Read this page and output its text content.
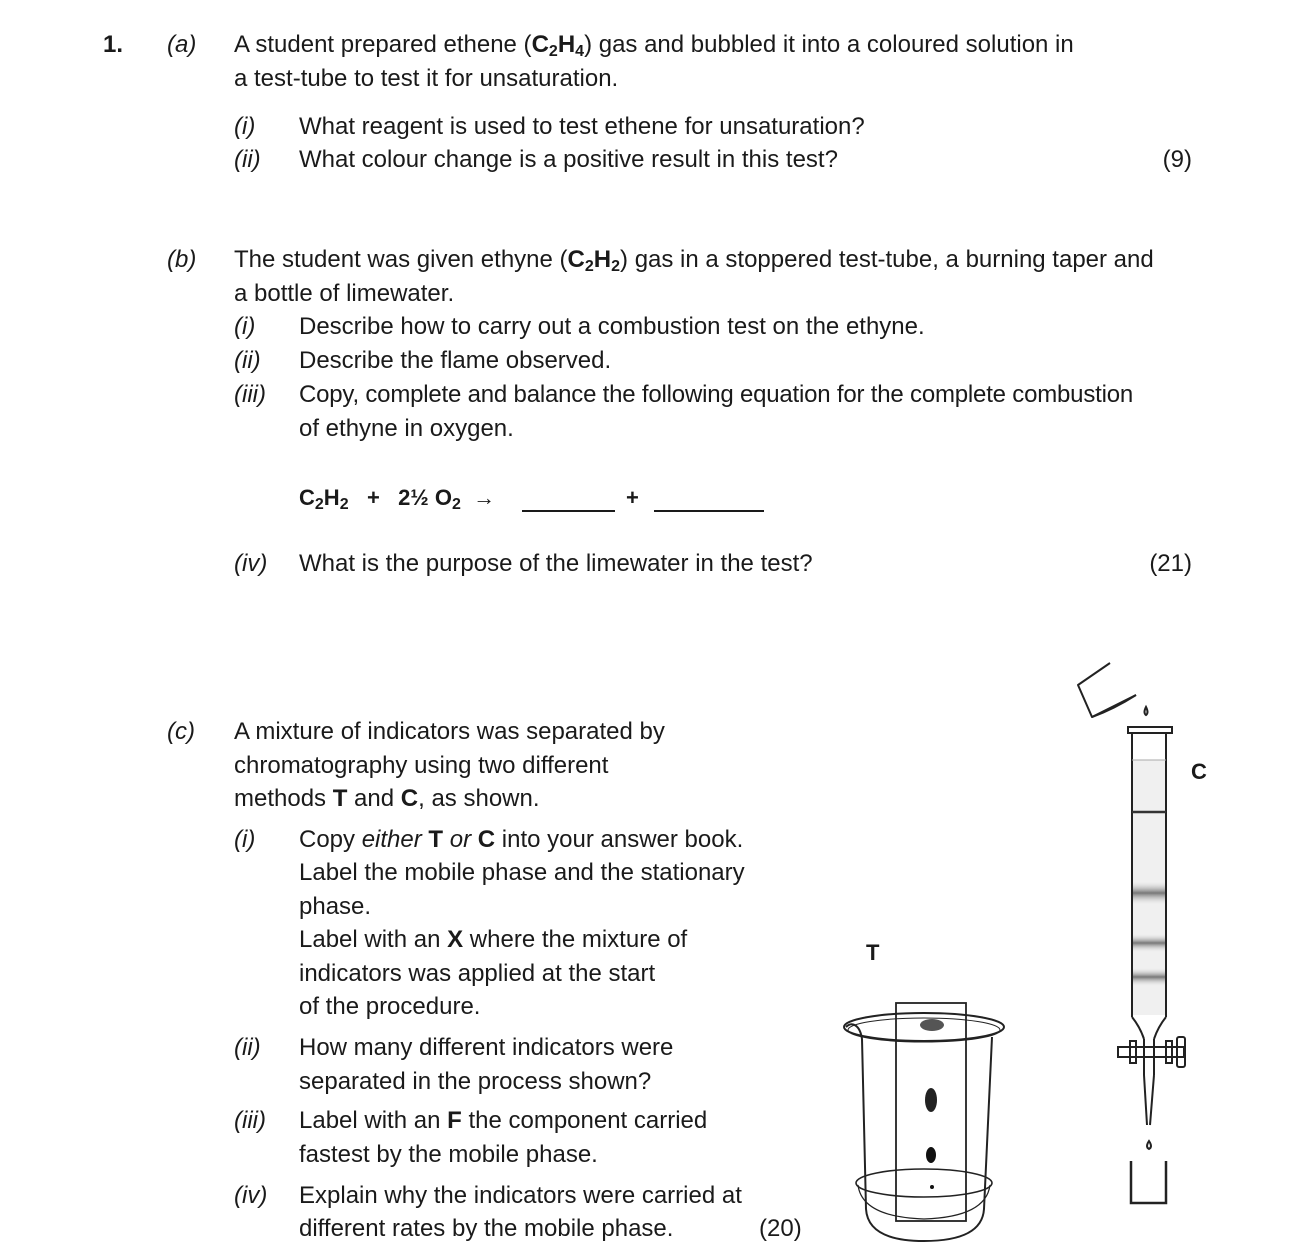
1. (a) A student prepared ethene $(C_2H_4)$ gas and bubbled it into a coloured solution in
a test-tube to test it for unsaturation.
(i) What reagent is used to test ethene for unsaturation?
(ii) What colour change is a positive result in this test?	(9)
(b) The student was given ethyne $(C_2H_2)$ gas in a stoppered test-tube, a burning taper and
a bottle of limewater.
(i) Describe how to carry out a combustion test on the ethyne.
(ii) Describe the flame observed.
(iii) Copy, complete and balance the following equation for the complete combustion
of ethyne in oxygen.
$C_2H_2$ + 2½ $O_2$ →	+
(iv) What is the purpose of the limewater in the test?	(21)
(c) A mixture of indicators was separated by
chromatography using two different
methods T and C, as shown.
(i) Copy either T or C into your answer book.
Label the mobile phase and the stationary
phase.
Label with an X where the mixture of
indicators was applied at the start
of the procedure.
(ii) How many different indicators were
separated in the process shown?
(iii) Label with an F the component carried
fastest by the mobile phase.
(iv) Explain why the indicators were carried at
different rates by the mobile phase.	(20)
T
C
